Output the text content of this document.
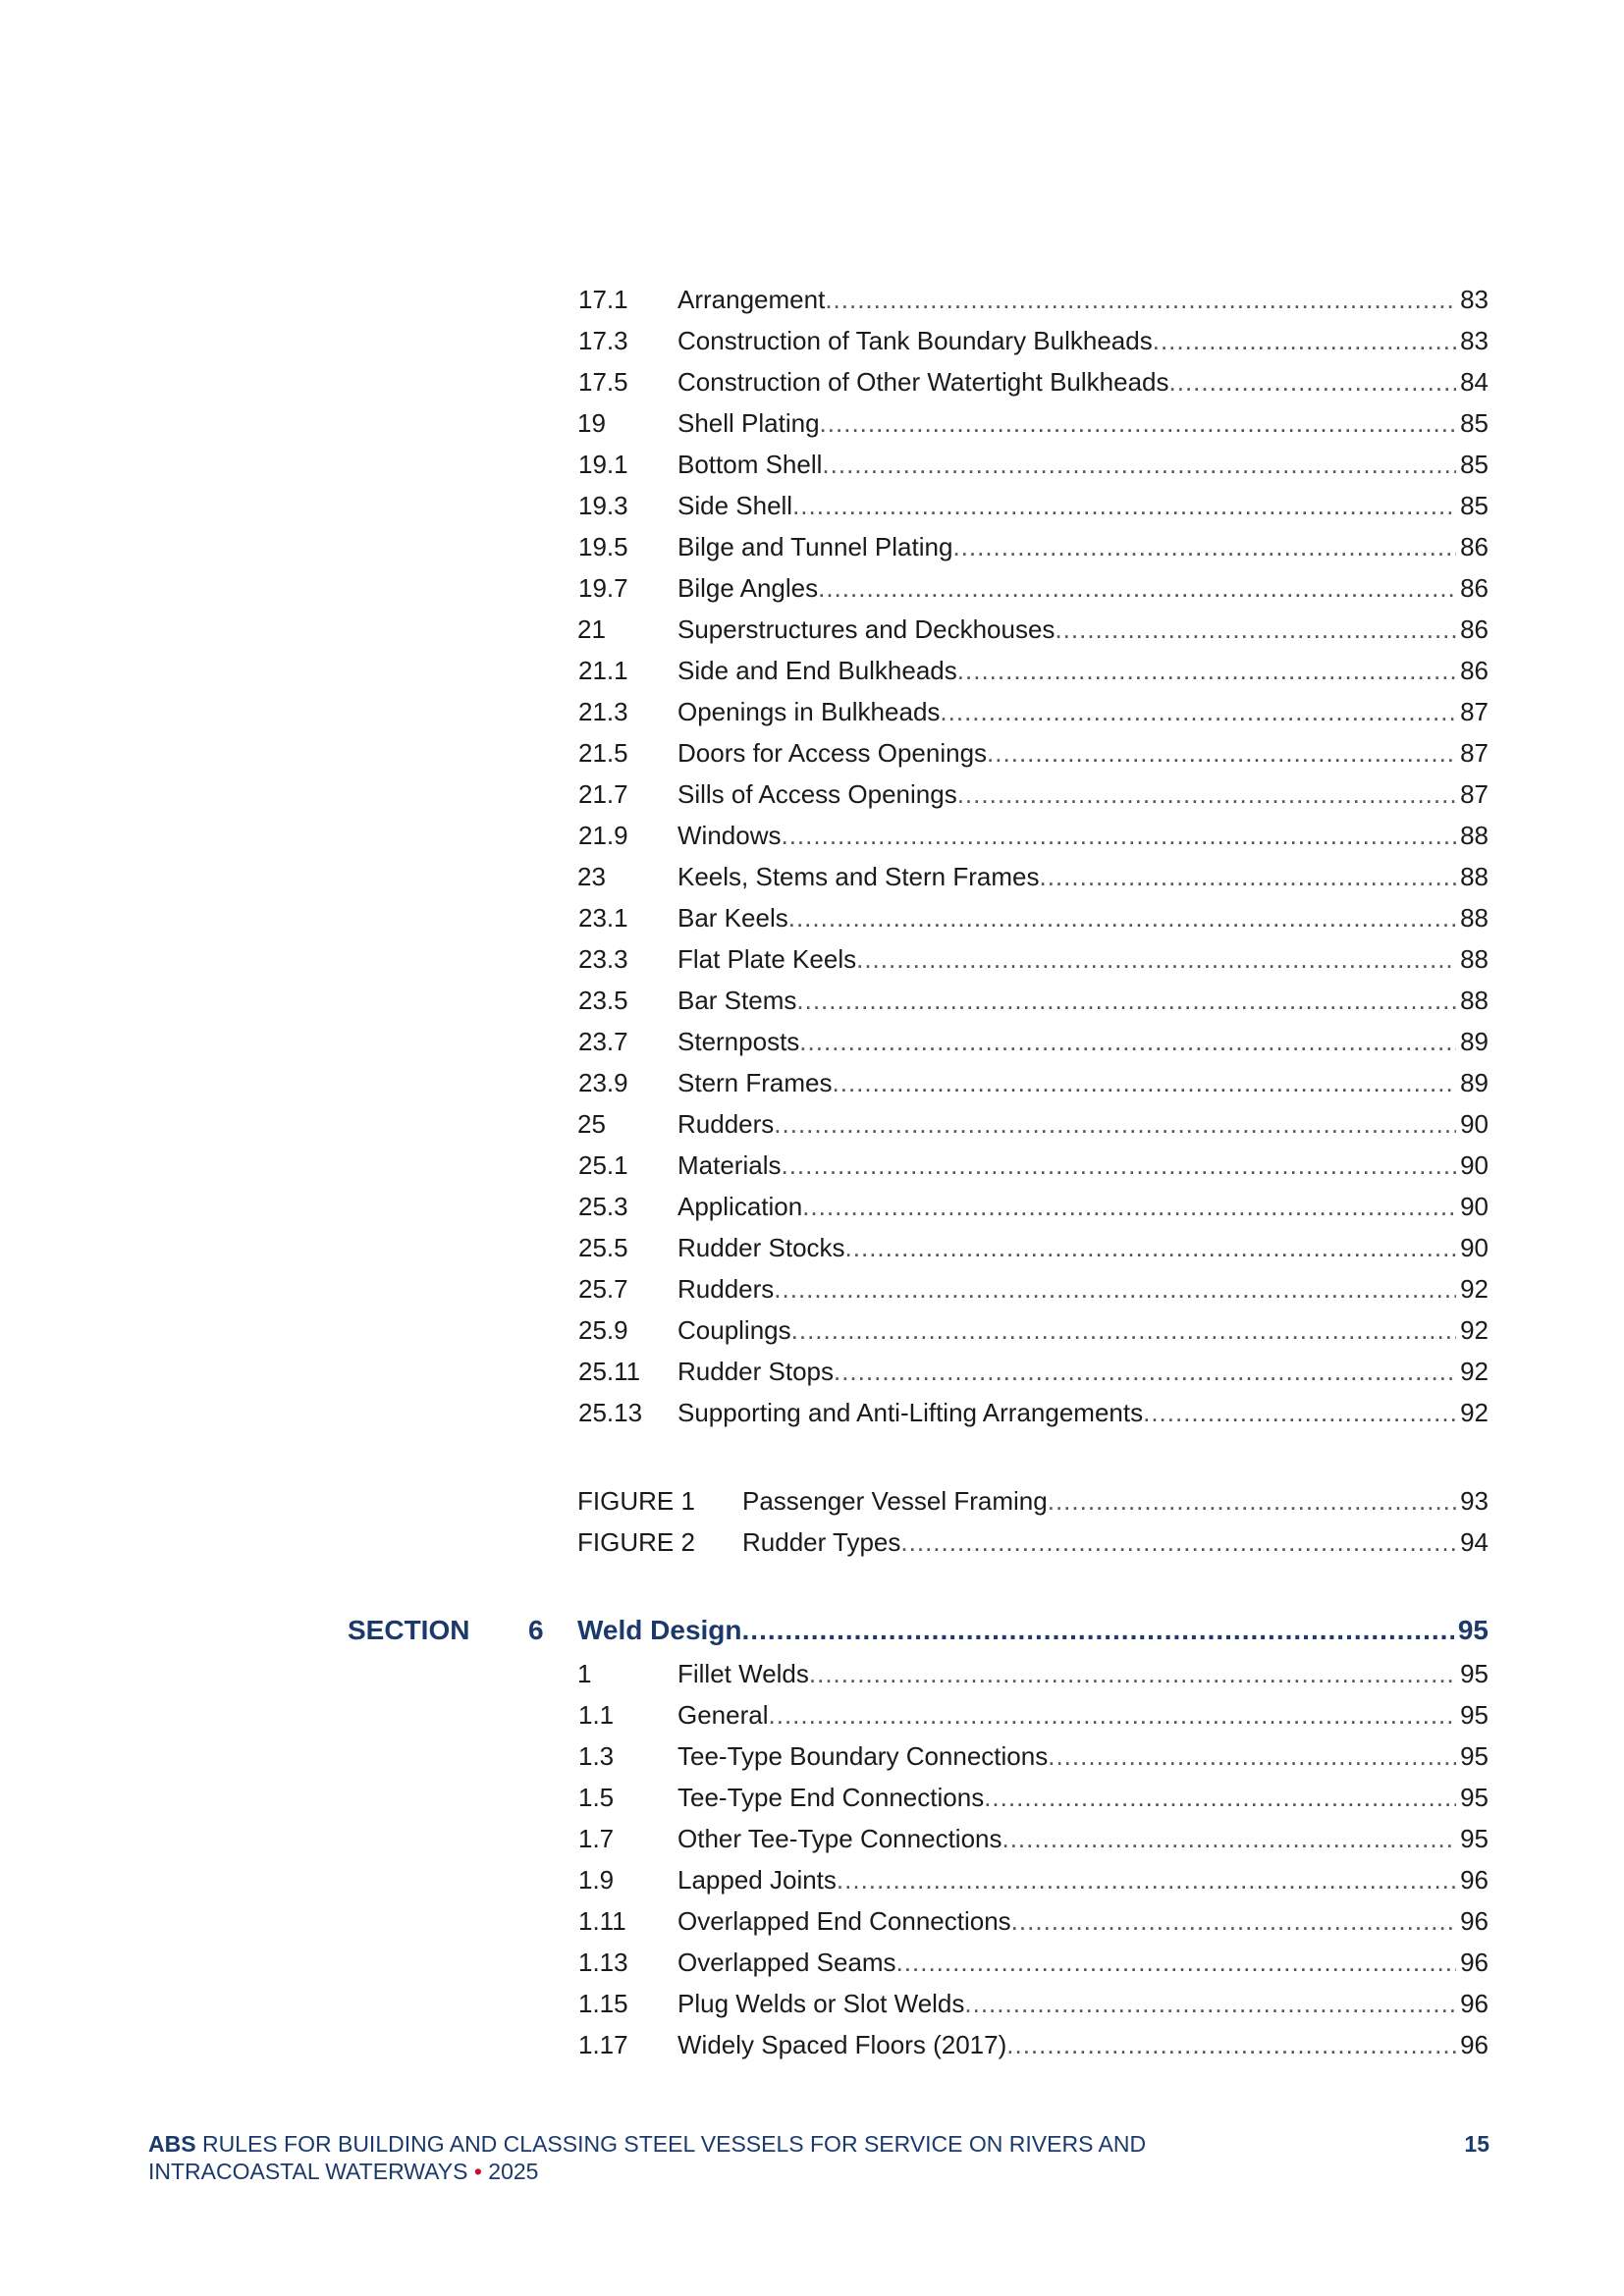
17.1 Arrangement .....	83
17.3 Construction of Tank Boundary Bulkheads .....	83
17.5 Construction of Other Watertight Bulkheads .....	84
19	Shell Plating .....	85
19.1 Bottom Shell .....	85
19.3 Side Shell .....	85
19.5 Bilge and Tunnel Plating .....	86
19.7 Bilge Angles .....	86
21	Superstructures and Deckhouses .....	86
21.1 Side and End Bulkheads .....	86
21.3 Openings in Bulkheads .....	87
21.5 Doors for Access Openings .....	87
21.7 Sills of Access Openings .....	87
21.9 Windows .....	88
23	Keels, Stems and Stern Frames .....	88
23.1 Bar Keels .....	88
23.3 Flat Plate Keels .....	88
23.5 Bar Stems .....	88
23.7 Sternposts .....	89
23.9 Stern Frames .....	89
25	Rudders .....	90
25.1 Materials .....	90
25.3 Application .....	90
25.5 Rudder Stocks .....	90
25.7 Rudders .....	92
25.9 Couplings .....	92
25.11 Rudder Stops .....	92
25.13 Supporting and Anti-Lifting Arrangements .....	92
FIGURE 1 Passenger Vessel Framing .....	93
FIGURE 2 Rudder Types .....	94
SECTION 6 Weld Design .....	95
1	Fillet Welds .....	95
1.1 General .....	95
1.3 Tee-Type Boundary Connections .....	95
1.5 Tee-Type End Connections .....	95
1.7 Other Tee-Type Connections .....	95
1.9 Lapped Joints .....	96
1.11 Overlapped End Connections .....	96
1.13 Overlapped Seams .....	96
1.15 Plug Welds or Slot Welds .....	96
1.17 Widely Spaced Floors (2017) .....	96
ABS RULES FOR BUILDING AND CLASSING STEEL VESSELS FOR SERVICE ON RIVERS AND INTRACOASTAL WATERWAYS • 2025
15
